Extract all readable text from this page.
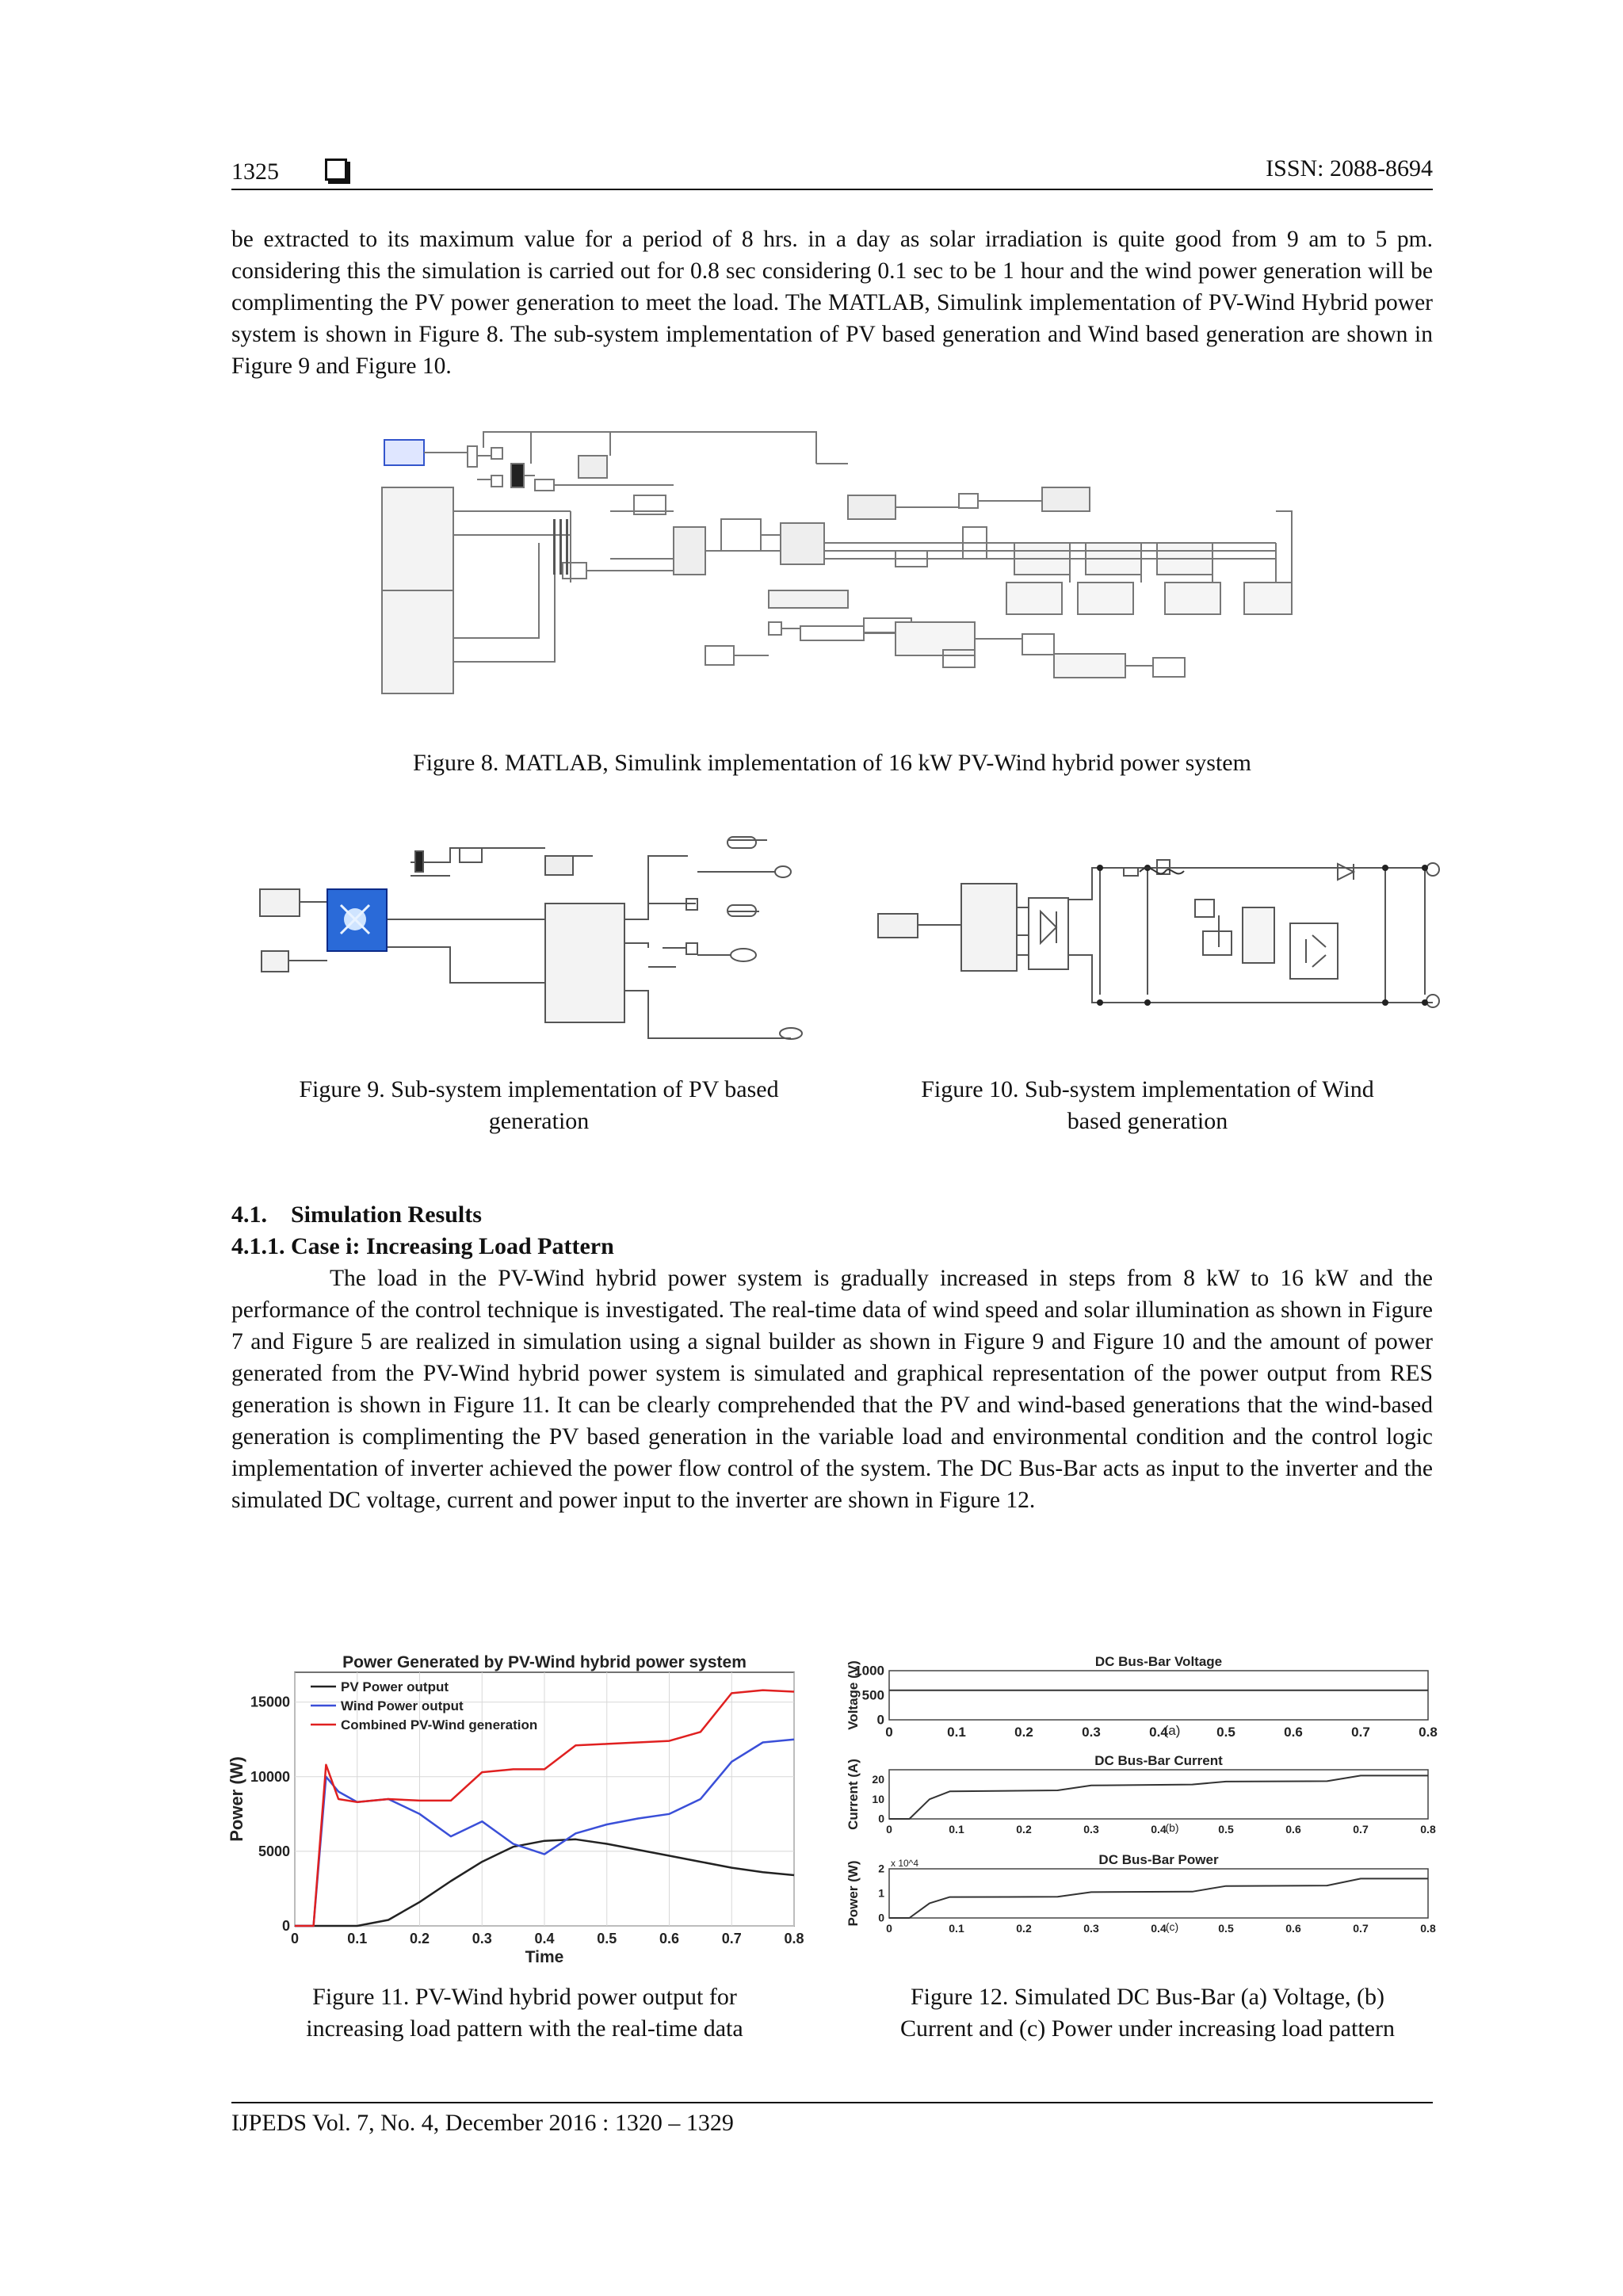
1325	ISSN: 2088-8694

be extracted to its maximum value for a period of 8 hrs. in a day as solar irradiation is quite good from 9 am to 5 pm. considering this the simulation is carried out for 0.8 sec considering 0.1 sec to be 1 hour and the wind power generation will be complimenting the PV power generation to meet the load. The MATLAB, Simulink implementation of PV-Wind Hybrid power system is shown in Figure 8. The sub-system implementation of PV based generation and Wind based generation are shown in Figure 9 and Figure 10.

Figure 8. MATLAB, Simulink implementation of 16 kW PV-Wind hybrid power system
Figure 9. Sub-system implementation of PV based
generation
Figure 10. Sub-system implementation of Wind
based generation
4.1. Simulation Results
4.1.1. Case i: Increasing Load Pattern

The load in the PV-Wind hybrid power system is gradually increased in steps from 8 kW to 16 kW and the performance of the control technique is investigated. The real-time data of wind speed and solar illumination as shown in Figure 7 and Figure 5 are realized in simulation using a signal builder as shown in Figure 9 and Figure 10 and the amount of power generated from the PV-Wind hybrid power system is simulated and graphical representation of the power output from RES generation is shown in Figure 11. It can be clearly comprehended that the PV and wind-based generations that the wind-based generation is complimenting the PV based generation in the variable load and environmental condition and the control logic implementation of inverter achieved the power flow control of the system. The DC Bus-Bar acts as input to the inverter and the simulated DC voltage, current and power input to the inverter are shown in Figure 12.

0	0.1	0.2	0.3	0.4	0.5	0.6	0.7	0.8
0
5000
10000
15000
Power Generated by PV-Wind hybrid power system
Time
Power (W)
PV Power output
Wind Power output
Combined PV-Wind generation	0	0.1	0.2	0.3	0.4	0.5	0.6	0.7	0.8
0
500
1000
DC Bus-Bar Voltage
Voltage (V)
(a)
0	0.1	0.2	0.3	0.4	0.5	0.6	0.7	0.8
0
10
20
DC Bus-Bar Current
Current (A)	(b)
0	0.1	0.2	0.3	0.4	0.5	0.6	0.7	0.8
0
1
2
DC Bus-Bar Power
Power (W)	x 10^4
(c)
Figure 11. PV-Wind hybrid power output for
increasing load pattern with the real-time data
Figure 12. Simulated DC Bus-Bar (a) Voltage, (b)
Current and (c) Power under increasing load pattern
IJPEDS Vol. 7, No. 4, December 2016 : 1320 – 1329
